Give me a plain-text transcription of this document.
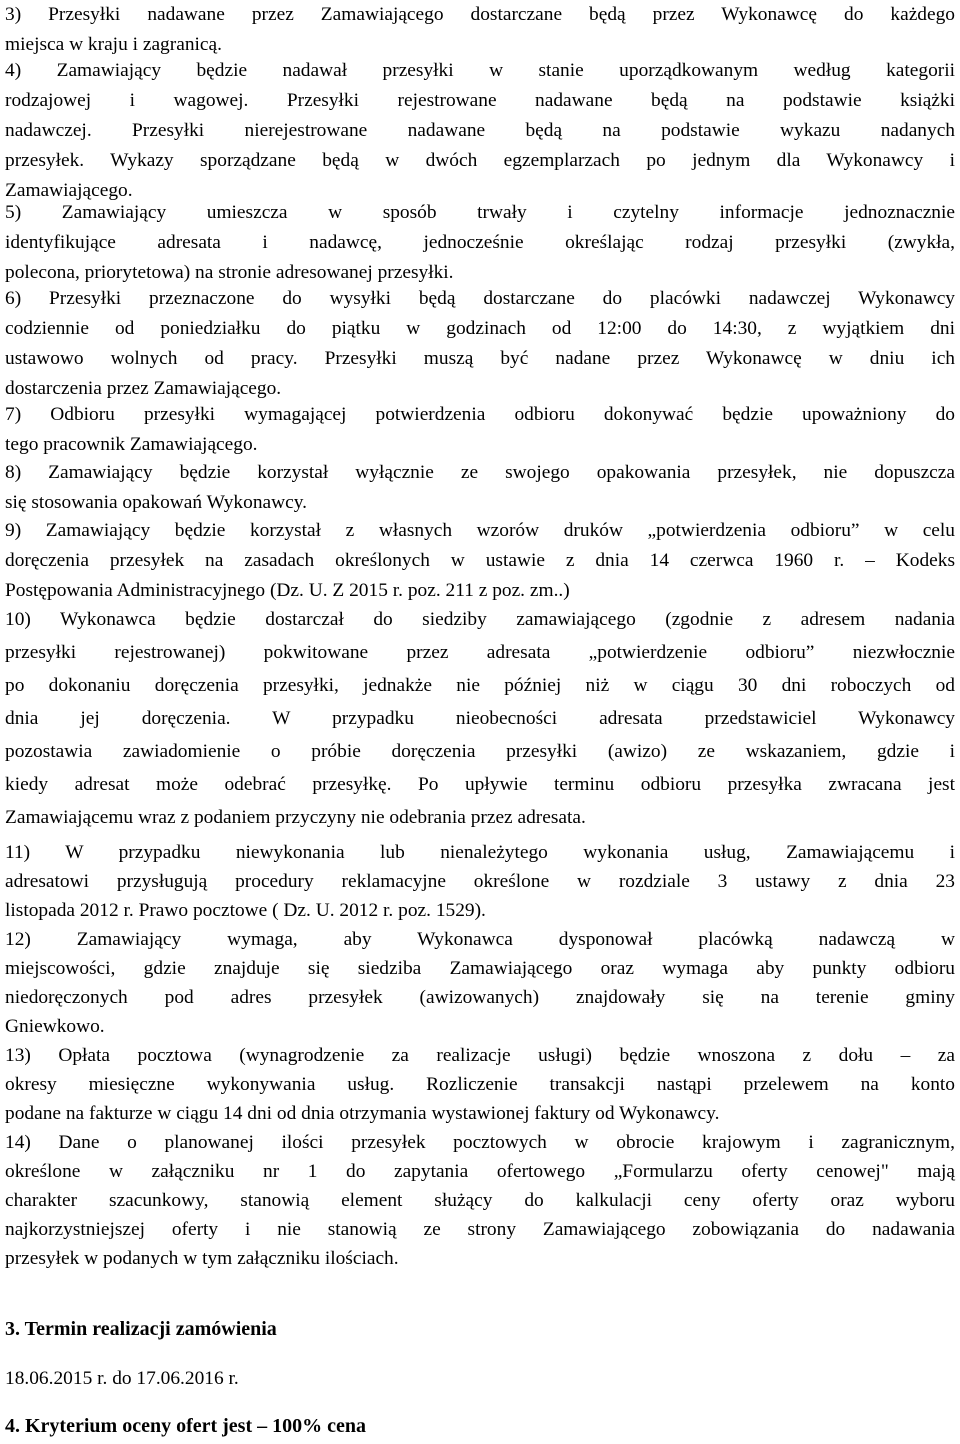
3) Przesyłki nadawane przez Zamawiającego dostarczane będą przez Wykonawcę do każdego
miejsca w kraju i zagranicą.
4) Zamawiający będzie nadawał przesyłki w stanie uporządkowanym według kategorii
rodzajowej i wagowej. Przesyłki rejestrowane nadawane będą na podstawie książki
nadawczej. Przesyłki nierejestrowane nadawane będą na podstawie wykazu nadanych
przesyłek. Wykazy sporządzane będą w dwóch egzemplarzach po jednym dla Wykonawcy i
Zamawiającego.
5) Zamawiający umieszcza w sposób trwały i czytelny informacje jednoznacznie
identyfikujące adresata i nadawcę, jednocześnie określając rodzaj przesyłki (zwykła,
polecona, priorytetowa) na stronie adresowanej przesyłki.
6) Przesyłki przeznaczone do wysyłki będą dostarczane do placówki nadawczej Wykonawcy
codziennie od poniedziałku do piątku w godzinach od 12:00 do 14:30, z wyjątkiem dni
ustawowo wolnych od pracy. Przesyłki muszą być nadane przez Wykonawcę w dniu ich
dostarczenia przez Zamawiającego.
7) Odbioru przesyłki wymagającej potwierdzenia odbioru dokonywać będzie upoważniony do
tego pracownik Zamawiającego.
8) Zamawiający będzie korzystał wyłącznie ze swojego opakowania przesyłek, nie dopuszcza
się stosowania opakowań Wykonawcy.
9) Zamawiający będzie korzystał z własnych wzorów druków „potwierdzenia odbioru” w celu
doręczenia przesyłek na zasadach określonych w ustawie z dnia 14 czerwca 1960 r. – Kodeks
Postępowania Administracyjnego (Dz. U. Z 2015 r. poz. 211 z poz. zm..)
10) Wykonawca będzie dostarczał do siedziby zamawiającego (zgodnie z adresem nadania
przesyłki rejestrowanej) pokwitowane przez adresata „potwierdzenie odbioru” niezwłocznie
po dokonaniu doręczenia przesyłki, jednakże nie później niż w ciągu 30 dni roboczych od
dnia jej doręczenia. W przypadku nieobecności adresata przedstawiciel Wykonawcy
pozostawia zawiadomienie o próbie doręczenia przesyłki (awizo) ze wskazaniem, gdzie i
kiedy adresat może odebrać przesyłkę. Po upływie terminu odbioru przesyłka zwracana jest
Zamawiającemu wraz z podaniem przyczyny nie odebrania przez adresata.
11) W przypadku niewykonania lub nienależytego wykonania usług, Zamawiającemu i
adresatowi przysługują procedury reklamacyjne określone w rozdziale 3 ustawy z dnia 23
listopada 2012 r. Prawo pocztowe ( Dz. U. 2012 r. poz. 1529).
12) Zamawiający wymaga, aby Wykonawca dysponował placówką nadawczą w
miejscowości, gdzie znajduje się siedziba Zamawiającego oraz wymaga aby punkty odbioru
niedoręczonych pod adres przesyłek (awizowanych) znajdowały się na terenie gminy
Gniewkowo.
13) Opłata pocztowa (wynagrodzenie za realizacje usługi) będzie wnoszona z dołu – za
okresy miesięczne wykonywania usług. Rozliczenie transakcji nastąpi przelewem na konto
podane na fakturze w ciągu 14 dni od dnia otrzymania wystawionej faktury od Wykonawcy.
14) Dane o planowanej ilości przesyłek pocztowych w obrocie krajowym i zagranicznym,
określone w załączniku nr 1 do zapytania ofertowego „Formularzu oferty cenowej" mają
charakter szacunkowy, stanowią element służący do kalkulacji ceny oferty oraz wyboru
najkorzystniejszej oferty i nie stanowią ze strony Zamawiającego zobowiązania do nadawania
przesyłek w podanych w tym załączniku ilościach.
3. Termin realizacji zamówienia
18.06.2015 r. do 17.06.2016 r.
4. Kryterium oceny ofert jest – 100% cena
